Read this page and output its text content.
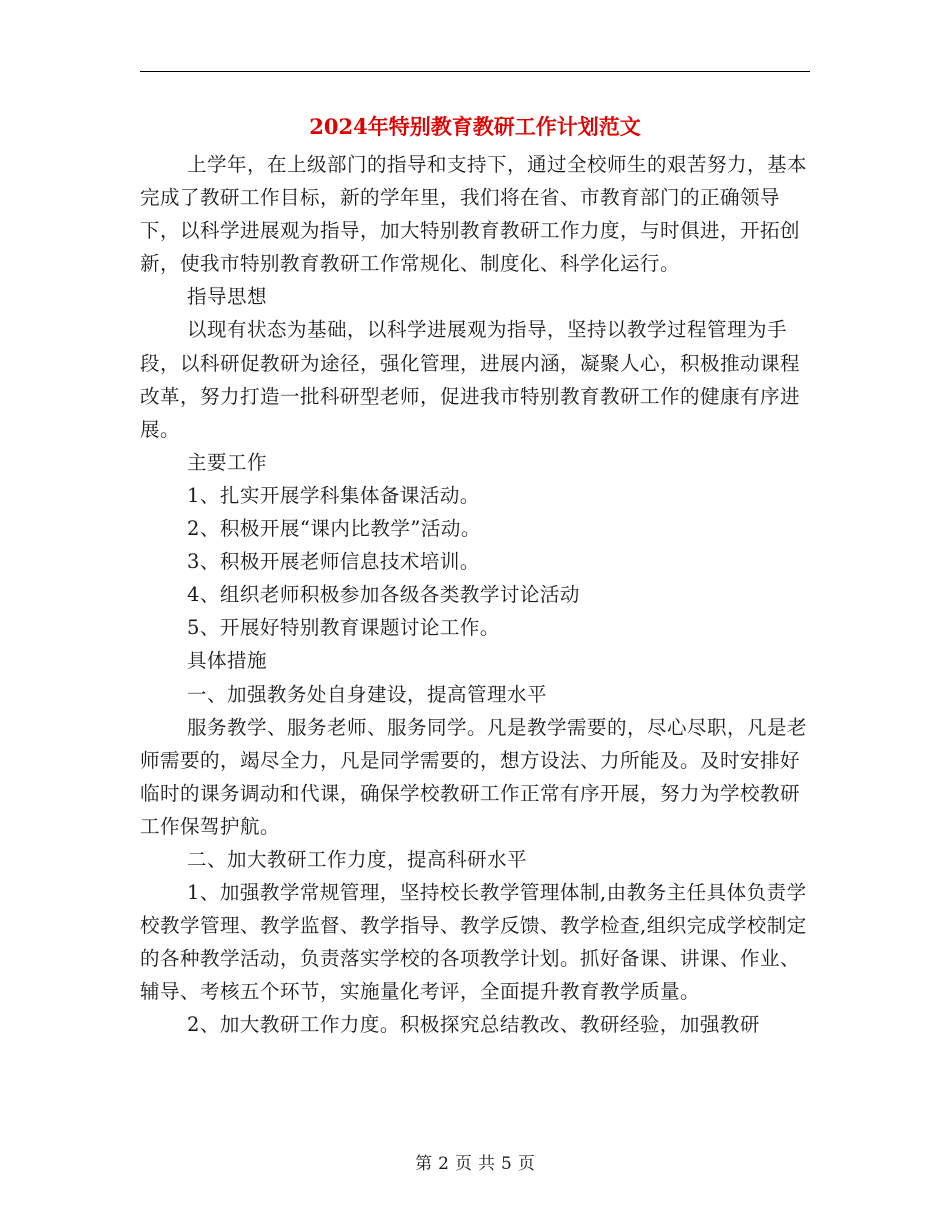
2024年特别教育教研工作计划范文

上学年，在上级部门的指导和支持下，通过全校师生的艰苦努力，基本完成了教研工作目标，新的学年里，我们将在省、市教育部门的正确领导下，以科学进展观为指导，加大特别教育教研工作力度，与时俱进，开拓创新，使我市特别教育教研工作常规化、制度化、科学化运行。

指导思想

以现有状态为基础，以科学进展观为指导，坚持以教学过程管理为手段，以科研促教研为途径，强化管理，进展内涵，凝聚人心，积极推动课程改革，努力打造一批科研型老师，促进我市特别教育教研工作的健康有序进展。

主要工作

1、扎实开展学科集体备课活动。

2、积极开展“课内比教学”活动。

3、积极开展老师信息技术培训。

4、组织老师积极参加各级各类教学讨论活动

5、开展好特别教育课题讨论工作。

具体措施

一、加强教务处自身建设，提高管理水平

服务教学、服务老师、服务同学。凡是教学需要的，尽心尽职，凡是老师需要的，竭尽全力，凡是同学需要的，想方设法、力所能及。及时安排好临时的课务调动和代课，确保学校教研工作正常有序开展，努力为学校教研工作保驾护航。

二、加大教研工作力度，提高科研水平

1、加强教学常规管理，坚持校长教学管理体制,由教务主任具体负责学校教学管理、教学监督、教学指导、教学反馈、教学检查,组织完成学校制定的各种教学活动，负责落实学校的各项教学计划。抓好备课、讲课、作业、辅导、考核五个环节，实施量化考评，全面提升教育教学质量。

2、加大教研工作力度。积极探究总结教改、教研经验，加强教研

第 2 页 共 5 页
